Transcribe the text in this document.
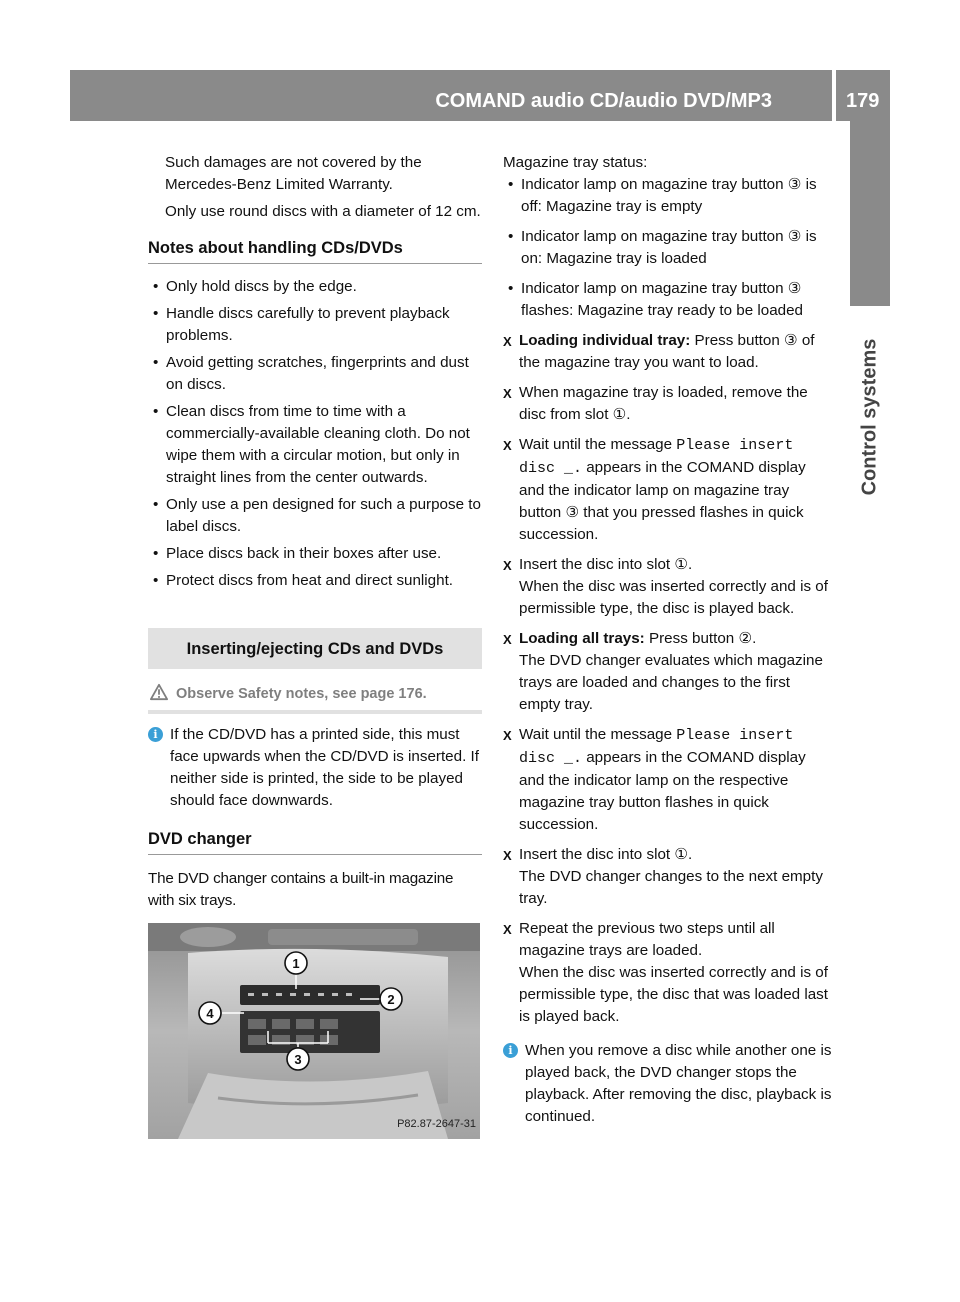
COMAND audio CD/audio DVD/MP3	179
Control systems

Such damages are not covered by the Mercedes-Benz Limited Warranty.

Only use round discs with a diameter of 12 cm.

Notes about handling CDs/DVDs

• Only hold discs by the edge.

• Handle discs carefully to prevent playback problems.

• Avoid getting scratches, fingerprints and dust on discs.

• Clean discs from time to time with a commercially-available cleaning cloth. Do not wipe them with a circular motion, but only in straight lines from the center outwards.

• Only use a pen designed for such a purpose to label discs.

• Place discs back in their boxes after use.

• Protect discs from heat and direct sunlight.

Inserting/ejecting CDs and DVDs
Observe Safety notes, see page 176.
i If the CD/DVD has a printed side, this must face upwards when the CD/DVD is inserted. If neither side is printed, the side to be played should face downwards.
DVD changer

The DVD changer contains a built-in magazine with six trays.

1
2
3
4
P82.87-2647-31

Magazine tray status:

• Indicator lamp on magazine tray button ③ is off: Magazine tray is empty

• Indicator lamp on magazine tray button ③ is on: Magazine tray is loaded

• Indicator lamp on magazine tray button ③ flashes: Magazine tray ready to be loaded

X Loading individual tray: Press button ③ of the magazine tray you want to load.

X When magazine tray is loaded, remove the disc from slot ①.

X Wait until the message Please insert disc _. appears in the COMAND display and the indicator lamp on magazine tray button ③ that you pressed flashes in quick succession.

X Insert the disc into slot ①.

When the disc was inserted correctly and is of permissible type, the disc is played back.

X Loading all trays: Press button ②.

The DVD changer evaluates which magazine trays are loaded and changes to the first empty tray.

X Wait until the message Please insert disc _. appears in the COMAND display and the indicator lamp on the respective magazine tray button flashes in quick succession.

X Insert the disc into slot ①.

The DVD changer changes to the next empty tray.

X Repeat the previous two steps until all magazine trays are loaded.

When the disc was inserted correctly and is of permissible type, the disc that was loaded last is played back.

i When you remove a disc while another one is played back, the DVD changer stops the playback. After removing the disc, playback is continued.
